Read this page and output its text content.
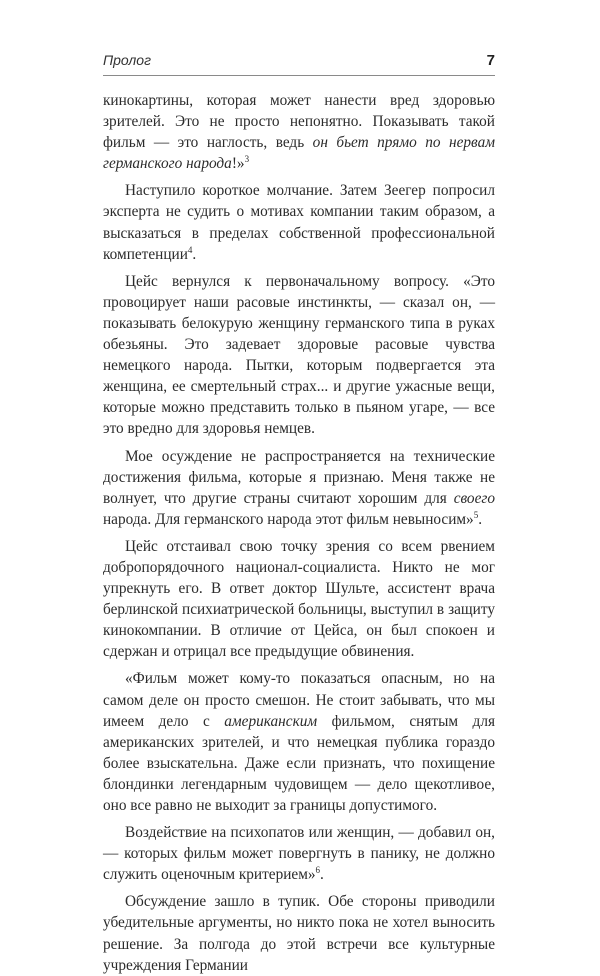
Пролог	7

кинокартины, которая может нанести вред здоровью зрителей. Это не просто непонятно. Показывать такой фильм — это наглость, ведь он бьет прямо по нервам германского народа!»$^3$

Наступило короткое молчание. Затем Зеегер попросил эксперта не судить о мотивах компании таким образом, а высказаться в пределах собственной профессиональной компетенции$^4$.

Цейс вернулся к первоначальному вопросу. «Это провоцирует наши расовые инстинкты, — сказал он, — показывать белокурую женщину германского типа в руках обезьяны. Это задевает здоровые расовые чувства немецкого народа. Пытки, которым подвергается эта женщина, ее смертельный страх... и другие ужасные вещи, которые можно представить только в пьяном угаре, — все это вредно для здоровья немцев.

Мое осуждение не распространяется на технические достижения фильма, которые я признаю. Меня также не волнует, что другие страны считают хорошим для своего народа. Для германского народа этот фильм невыносим»$^5$.

Цейс отстаивал свою точку зрения со всем рвением добропорядочного национал-социалиста. Никто не мог упрекнуть его. В ответ доктор Шульте, ассистент врача берлинской психиатрической больницы, выступил в защиту кинокомпании. В отличие от Цейса, он был спокоен и сдержан и отрицал все предыдущие обвинения.

«Фильм может кому-то показаться опасным, но на самом деле он просто смешон. Не стоит забывать, что мы имеем дело с американским фильмом, снятым для американских зрителей, и что немецкая публика гораздо более взыскательна. Даже если признать, что похищение блондинки легендарным чудовищем — дело щекотливое, оно все равно не выходит за границы допустимого.

Воздействие на психопатов или женщин, — добавил он, — которых фильм может повергнуть в панику, не должно служить оценочным критерием»$^6$.

Обсуждение зашло в тупик. Обе стороны приводили убедительные аргументы, но никто пока не хотел выносить решение. За полгода до этой встречи все культурные учреждения Германии
